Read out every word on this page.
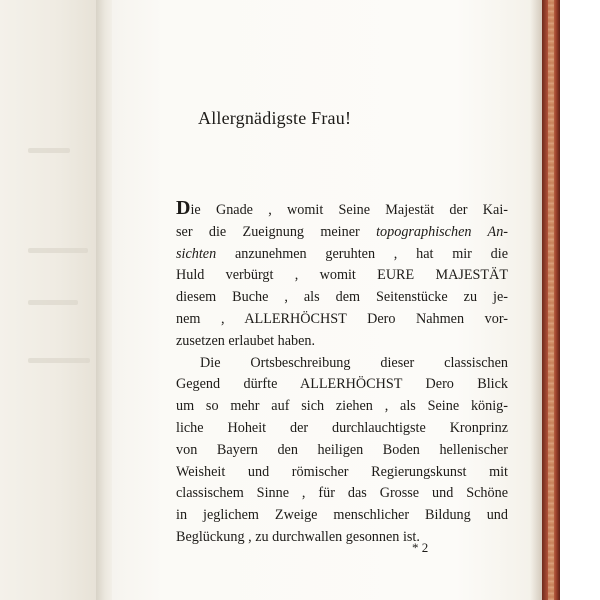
Allergnädigste Frau!
Die Gnade , womit Seine Majestät der Kai-
ser die Zueignung meiner topographischen An-
sichten anzunehmen geruhten , hat mir die
Huld verbürgt , womit EURE MAJESTÄT
diesem Buche , als dem Seitenstücke zu je-
nem , ALLERHÖCHST Dero Nahmen vor-
zusetzen erlaubet haben.
Die Ortsbeschreibung dieser classischen
Gegend dürfte ALLERHÖCHST Dero Blick
um so mehr auf sich ziehen , als Seine könig-
liche Hoheit der durchlauchtigste Kronprinz
von Bayern den heiligen Boden hellenischer
Weisheit und römischer Regierungskunst mit
classischem Sinne , für das Grosse und Schöne
in jeglichem Zweige menschlicher Bildung und
Beglückung , zu durchwallen gesonnen ist.
* 2
